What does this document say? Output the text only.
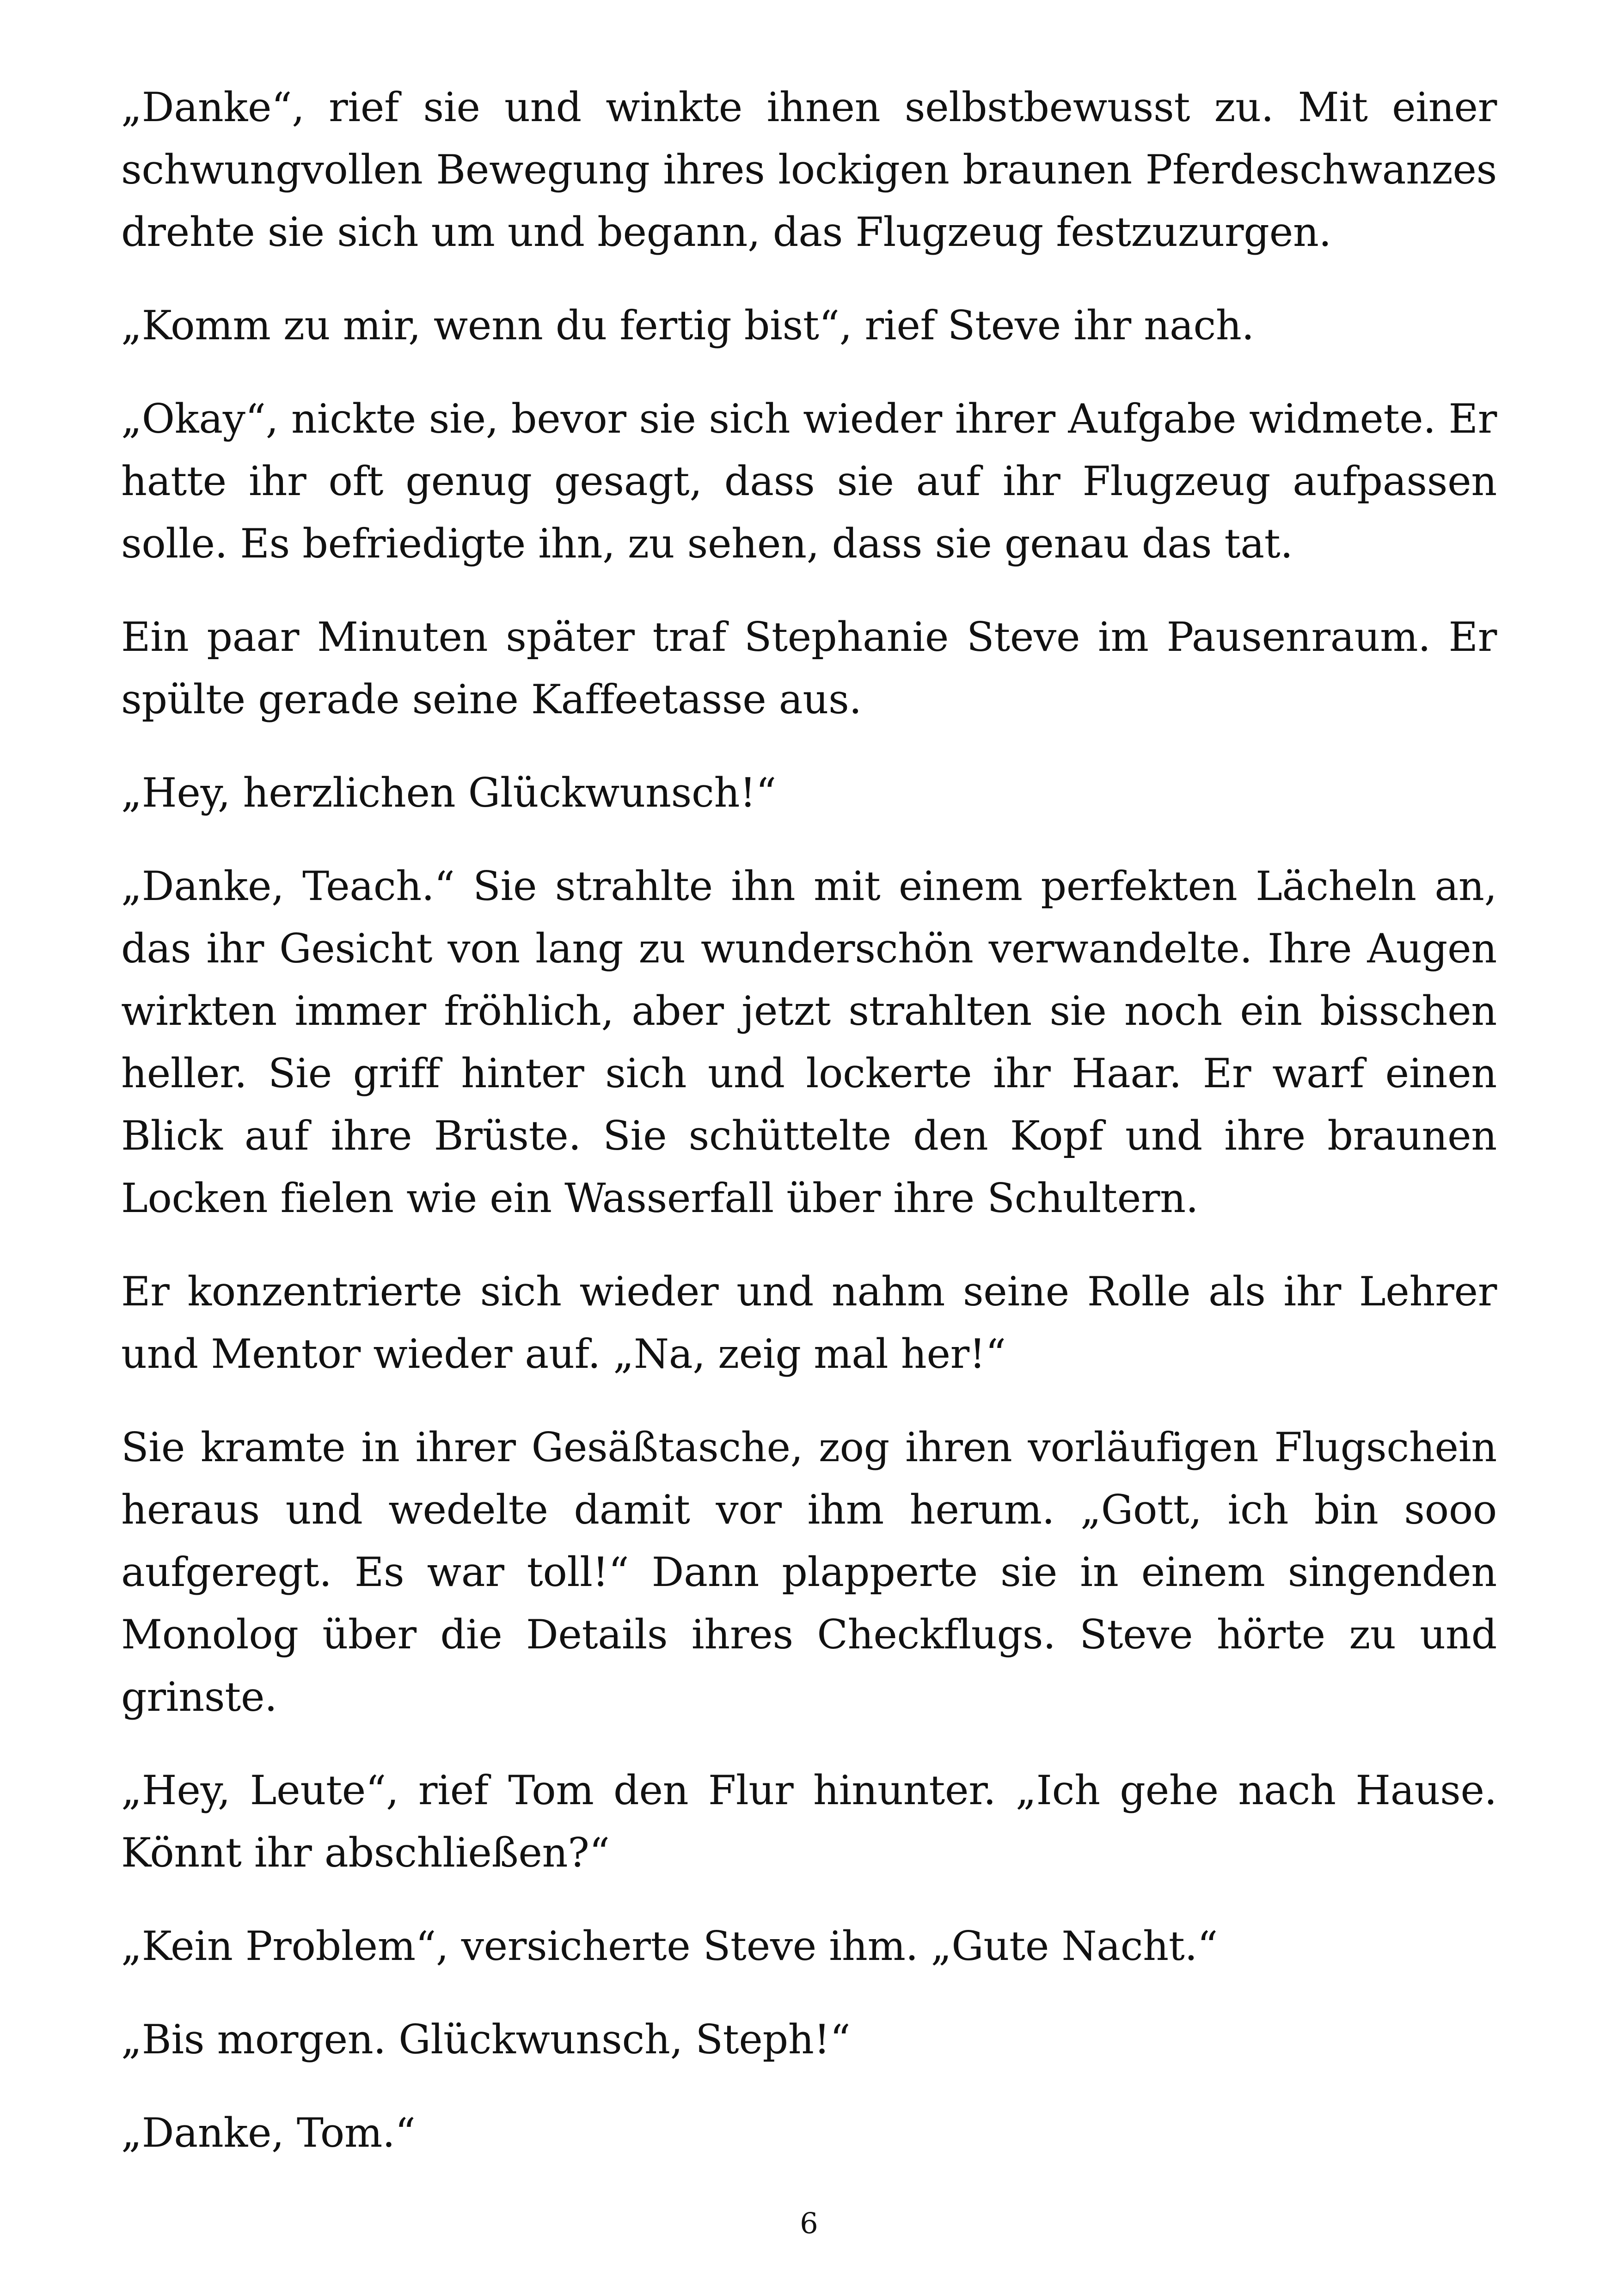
„Danke“, rief sie und winkte ihnen selbstbewusst zu. Mit einer schwungvollen Bewegung ihres lockigen braunen Pferdeschwanzes drehte sie sich um und begann, das Flugzeug festzuzurgen.

„Komm zu mir, wenn du fertig bist“, rief Steve ihr nach.

„Okay“, nickte sie, bevor sie sich wieder ihrer Aufgabe widmete. Er hatte ihr oft genug gesagt, dass sie auf ihr Flugzeug aufpassen solle. Es befriedigte ihn, zu sehen, dass sie genau das tat.

Ein paar Minuten später traf Stephanie Steve im Pausenraum. Er spülte gerade seine Kaffeetasse aus.

„Hey, herzlichen Glückwunsch!“

„Danke, Teach.“ Sie strahlte ihn mit einem perfekten Lächeln an, das ihr Gesicht von lang zu wunderschön verwandelte. Ihre Augen wirkten immer fröhlich, aber jetzt strahlten sie noch ein bisschen heller. Sie griff hinter sich und lockerte ihr Haar. Er warf einen Blick auf ihre Brüste. Sie schüttelte den Kopf und ihre braunen Locken fielen wie ein Wasserfall über ihre Schultern.

Er konzentrierte sich wieder und nahm seine Rolle als ihr Lehrer und Mentor wieder auf. „Na, zeig mal her!“

Sie kramte in ihrer Gesäßtasche, zog ihren vorläufigen Flugschein heraus und wedelte damit vor ihm herum. „Gott, ich bin sooo aufgeregt. Es war toll!“ Dann plapperte sie in einem singenden Monolog über die Details ihres Checkflugs. Steve hörte zu und grinste.

„Hey, Leute“, rief Tom den Flur hinunter. „Ich gehe nach Hause. Könnt ihr abschließen?“

„Kein Problem“, versicherte Steve ihm. „Gute Nacht.“

„Bis morgen. Glückwunsch, Steph!“

„Danke, Tom.“

6
